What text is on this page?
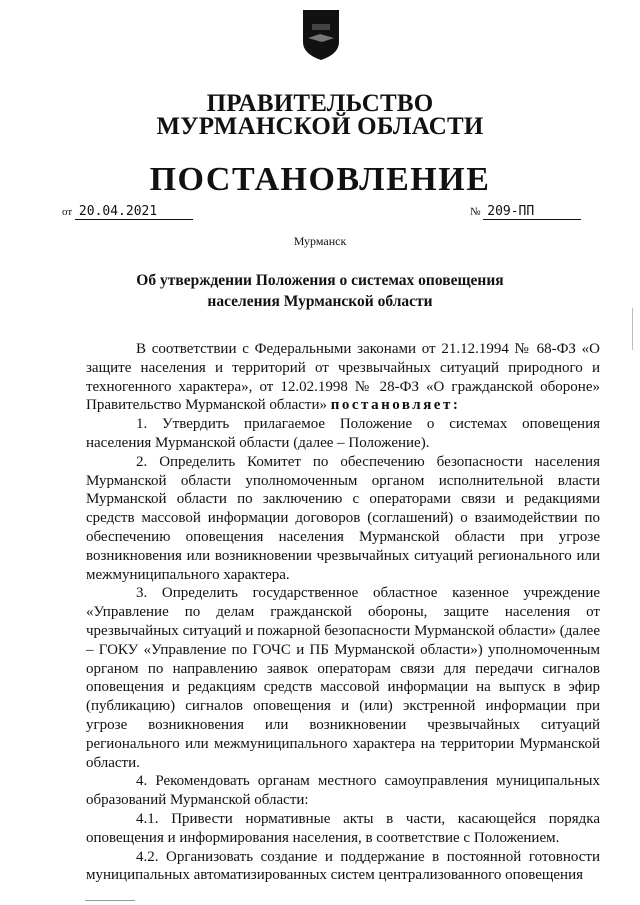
ПРАВИТЕЛЬСТВО
МУРМАНСКОЙ ОБЛАСТИ
ПОСТАНОВЛЕНИЕ
от 20.04.2021	№ 209-ПП
Мурманск
Об утверждении Положения о системах оповещения населения Мурманской области

В соответствии с Федеральными законами от 21.12.1994 № 68-ФЗ «О защите населения и территорий от чрезвычайных ситуаций природного и техногенного характера», от 12.02.1998 № 28-ФЗ «О гражданской обороне» Правительство Мурманской области» постановляет:

1. Утвердить прилагаемое Положение о системах оповещения населения Мурманской области (далее – Положение).

2. Определить Комитет по обеспечению безопасности населения Мурманской области уполномоченным органом исполнительной власти Мурманской области по заключению с операторами связи и редакциями средств массовой информации договоров (соглашений) о взаимодействии по обеспечению оповещения населения Мурманской области при угрозе возникновения или возникновении чрезвычайных ситуаций регионального или межмуниципального характера.

3. Определить государственное областное казенное учреждение «Управление по делам гражданской обороны, защите населения от чрезвычайных ситуаций и пожарной безопасности Мурманской области» (далее – ГОКУ «Управление по ГОЧС и ПБ Мурманской области») уполномоченным органом по направлению заявок операторам связи для передачи сигналов оповещения и редакциям средств массовой информации на выпуск в эфир (публикацию) сигналов оповещения и (или) экстренной информации при угрозе возникновения или возникновении чрезвычайных ситуаций регионального или межмуниципального характера на территории Мурманской области.

4. Рекомендовать органам местного самоуправления муниципальных образований Мурманской области:

4.1. Привести нормативные акты в части, касающейся порядка оповещения и информирования населения, в соответствие с Положением.

4.2. Организовать создание и поддержание в постоянной готовности муниципальных автоматизированных систем централизованного оповещения
